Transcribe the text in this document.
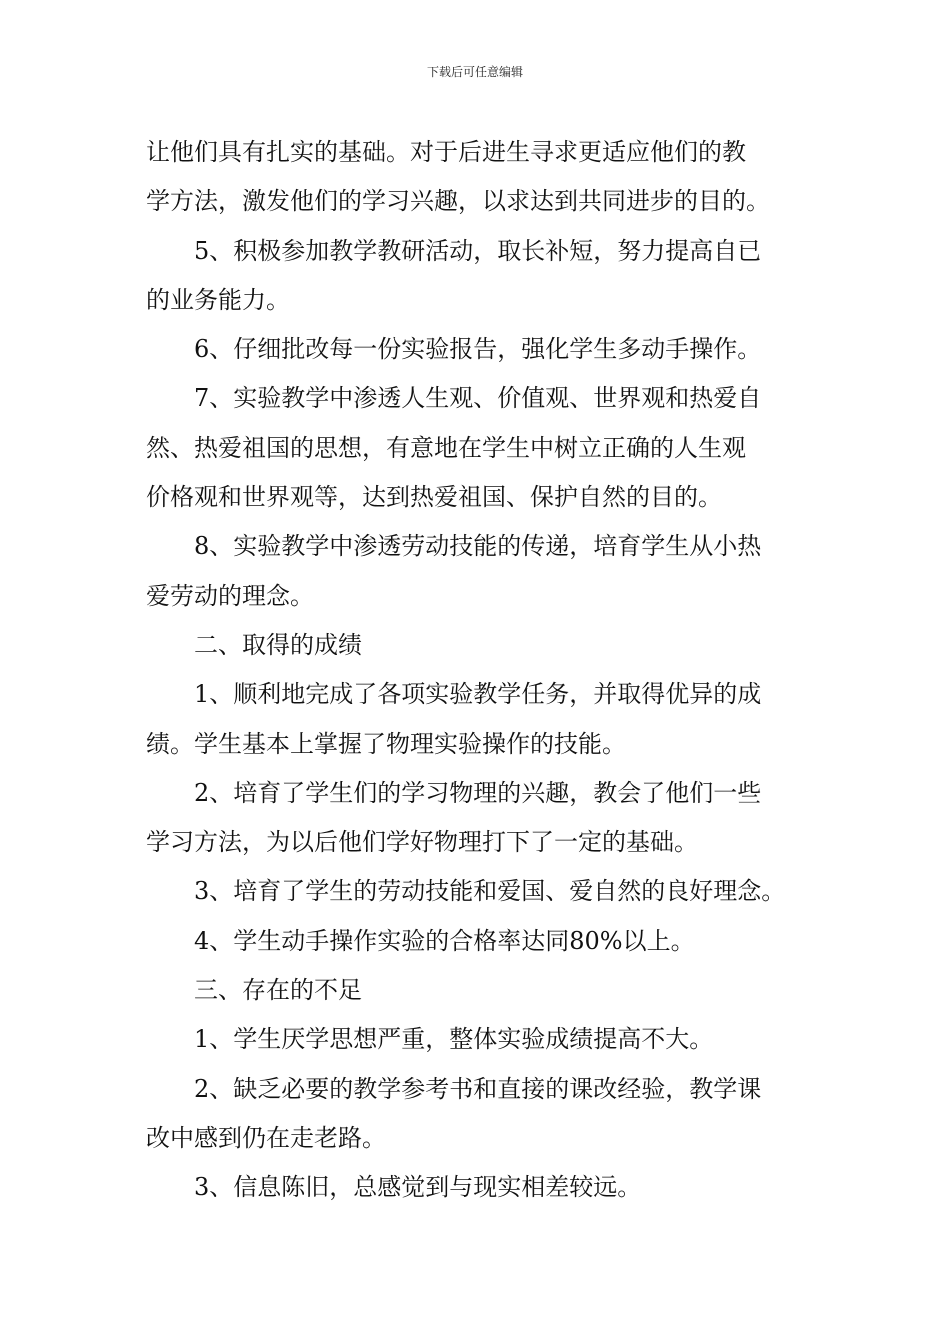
下载后可任意编辑
让他们具有扎实的基础。对于后进生寻求更适应他们的教
学方法，激发他们的学习兴趣，以求达到共同进步的目的。
5、积极参加教学教研活动，取长补短，努力提高自已
的业务能力。
6、仔细批改每一份实验报告，强化学生多动手操作。
7、实验教学中渗透人生观、价值观、世界观和热爱自
然、热爱祖国的思想，有意地在学生中树立正确的人生观
价格观和世界观等，达到热爱祖国、保护自然的目的。
8、实验教学中渗透劳动技能的传递，培育学生从小热
爱劳动的理念。
二、取得的成绩
1、顺利地完成了各项实验教学任务，并取得优异的成
绩。学生基本上掌握了物理实验操作的技能。
2、培育了学生们的学习物理的兴趣，教会了他们一些
学习方法，为以后他们学好物理打下了一定的基础。
3、培育了学生的劳动技能和爱国、爱自然的良好理念。
4、学生动手操作实验的合格率达同80%以上。
三、存在的不足
1、学生厌学思想严重，整体实验成绩提高不大。
2、缺乏必要的教学参考书和直接的课改经验，教学课
改中感到仍在走老路。
3、信息陈旧，总感觉到与现实相差较远。
